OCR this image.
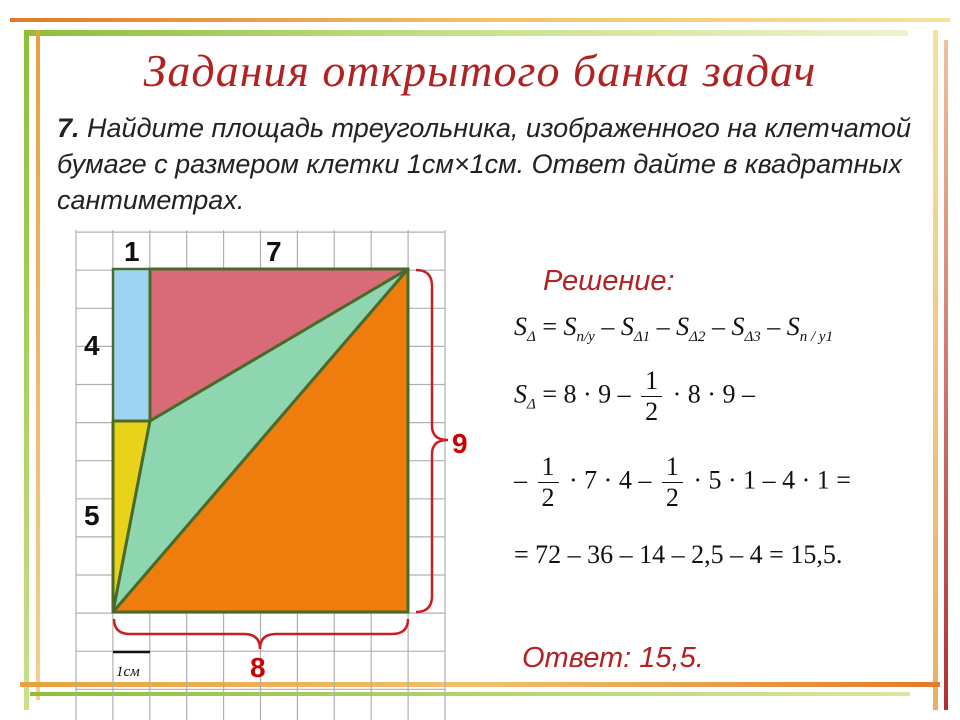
Задания открытого банка задач
7. Найдите площадь треугольника, изображенного на клетчатой бумаге с размером клетки 1см×1см. Ответ дайте в квадратных сантиметрах.
1	7
4
5
9
8
1см
Решение:
$S_\Delta = S_{п/у} - S_{\Delta 1} - S_{\Delta 2} - S_{\Delta 3} - S_{п / у1}$
$S_\Delta = 8 \cdot 9 - \frac{1}{2} \cdot 8 \cdot 9$ –
– $\frac{1}{2} \cdot 7 \cdot 4 - \frac{1}{2} \cdot 5 \cdot 1 - 4 \cdot 1$ =
= 72 – 36 – 14 – 2,5 – 4 = 15,5.
Ответ: 15,5.
